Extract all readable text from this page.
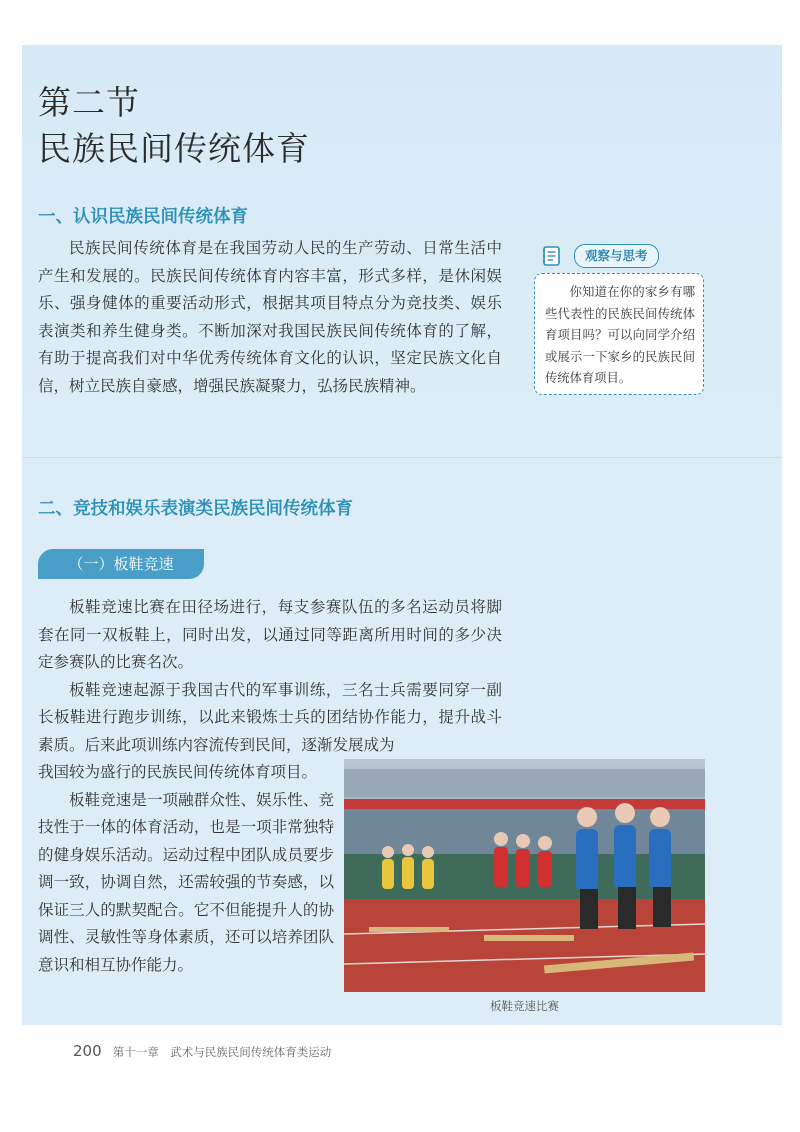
第二节
民族民间传统体育
一、认识民族民间传统体育

民族民间传统体育是在我国劳动人民的生产劳动、日常生活中产生和发展的。民族民间传统体育内容丰富，形式多样，是休闲娱乐、强身健体的重要活动形式，根据其项目特点分为竞技类、娱乐表演类和养生健身类。不断加深对我国民族民间传统体育的了解，有助于提高我们对中华优秀传统体育文化的认识，坚定民族文化自信，树立民族自豪感，增强民族凝聚力，弘扬民族精神。

观察与思考

你知道在你的家乡有哪些代表性的民族民间传统体育项目吗？可以向同学介绍或展示一下家乡的民族民间传统体育项目。

二、竞技和娱乐表演类民族民间传统体育
（一）板鞋竞速

板鞋竞速比赛在田径场进行，每支参赛队伍的多名运动员将脚套在同一双板鞋上，同时出发，以通过同等距离所用时间的多少决定参赛队的比赛名次。

板鞋竞速起源于我国古代的军事训练，三名士兵需要同穿一副长板鞋进行跑步训练，以此来锻炼士兵的团结协作能力，提升战斗素质。后来此项训练内容流传到民间，逐渐发展成为

我国较为盛行的民族民间传统体育项目。

板鞋竞速是一项融群众性、娱乐性、竞技性于一体的体育活动，也是一项非常独特的健身娱乐活动。运动过程中团队成员要步调一致，协调自然，还需较强的节奏感，以保证三人的默契配合。它不但能提升人的协调性、灵敏性等身体素质，还可以培养团队意识和相互协作能力。

板鞋竞速比赛
200 第十一章　武术与民族民间传统体育类运动
